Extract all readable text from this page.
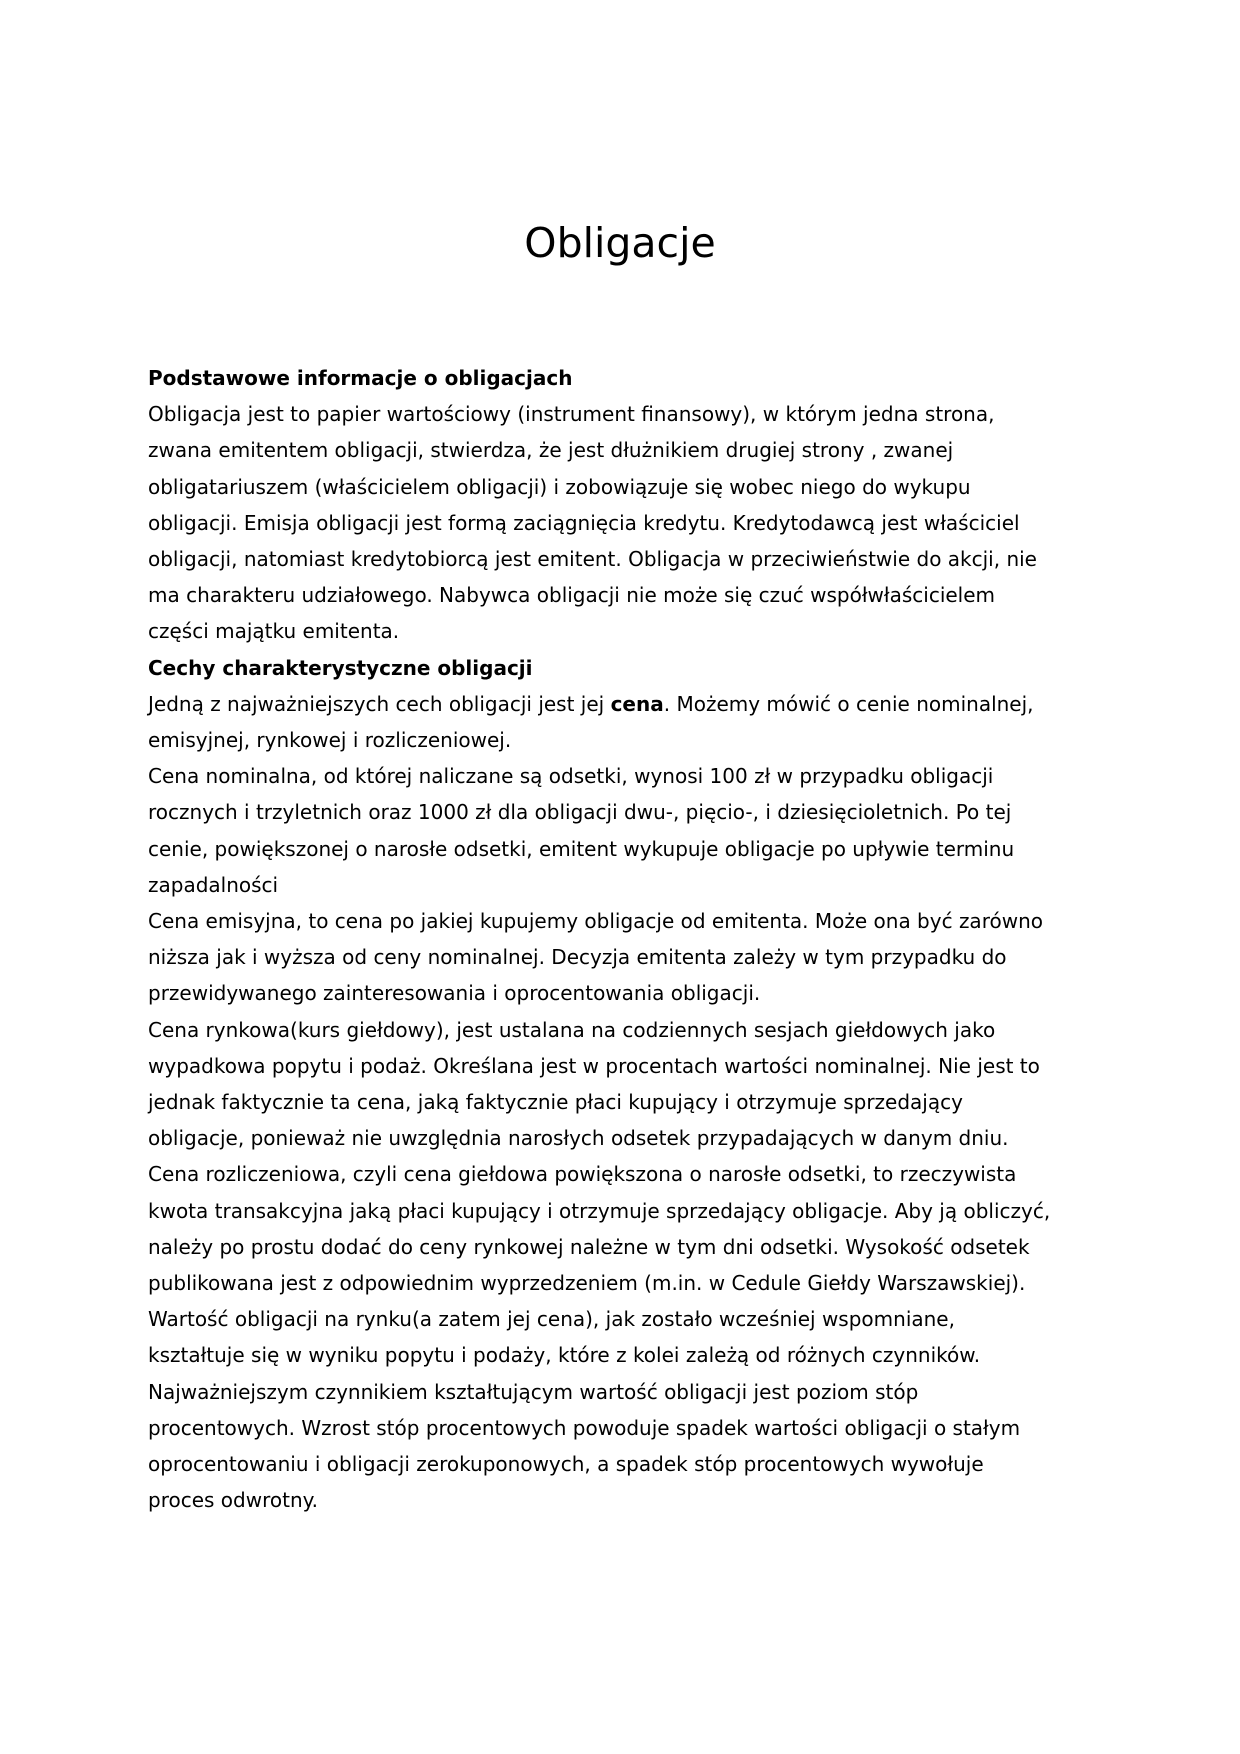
Obligacje
Podstawowe informacje o obligacjach

Obligacja jest to papier wartościowy (instrument finansowy), w którym jedna strona,

zwana emitentem obligacji, stwierdza, że jest dłużnikiem drugiej strony , zwanej

obligatariuszem (właścicielem obligacji) i zobowiązuje się wobec niego do wykupu

obligacji. Emisja obligacji jest formą zaciągnięcia kredytu. Kredytodawcą jest właściciel

obligacji, natomiast kredytobiorcą jest emitent. Obligacja w przeciwieństwie do akcji, nie

ma charakteru udziałowego. Nabywca obligacji nie może się czuć współwłaścicielem

części majątku emitenta.

Cechy charakterystyczne obligacji

Jedną z najważniejszych cech obligacji jest jej cena. Możemy mówić o cenie nominalnej,

emisyjnej, rynkowej i rozliczeniowej.

Cena nominalna, od której naliczane są odsetki, wynosi 100 zł w przypadku obligacji

rocznych i trzyletnich oraz 1000 zł dla obligacji dwu-, pięcio-, i dziesięcioletnich. Po tej

cenie, powiększonej o narosłe odsetki, emitent wykupuje obligacje po upływie terminu

zapadalności

Cena emisyjna, to cena po jakiej kupujemy obligacje od emitenta. Może ona być zarówno

niższa jak i wyższa od ceny nominalnej. Decyzja emitenta zależy w tym przypadku do

przewidywanego zainteresowania i oprocentowania obligacji.

Cena rynkowa(kurs giełdowy), jest ustalana na codziennych sesjach giełdowych jako

wypadkowa popytu i podaż. Określana jest w procentach wartości nominalnej. Nie jest to

jednak faktycznie ta cena, jaką faktycznie płaci kupujący i otrzymuje sprzedający

obligacje, ponieważ nie uwzględnia narosłych odsetek przypadających w danym dniu.

Cena rozliczeniowa, czyli cena giełdowa powiększona o narosłe odsetki, to rzeczywista

kwota transakcyjna jaką płaci kupujący i otrzymuje sprzedający obligacje. Aby ją obliczyć,

należy po prostu dodać do ceny rynkowej należne w tym dni odsetki. Wysokość odsetek

publikowana jest z odpowiednim wyprzedzeniem (m.in. w Cedule Giełdy Warszawskiej).

Wartość obligacji na rynku(a zatem jej cena), jak zostało wcześniej wspomniane,

kształtuje się w wyniku popytu i podaży, które z kolei zależą od różnych czynników.

Najważniejszym czynnikiem kształtującym wartość obligacji jest poziom stóp

procentowych. Wzrost stóp procentowych powoduje spadek wartości obligacji o stałym

oprocentowaniu i obligacji zerokuponowych, a spadek stóp procentowych wywołuje

proces odwrotny.
